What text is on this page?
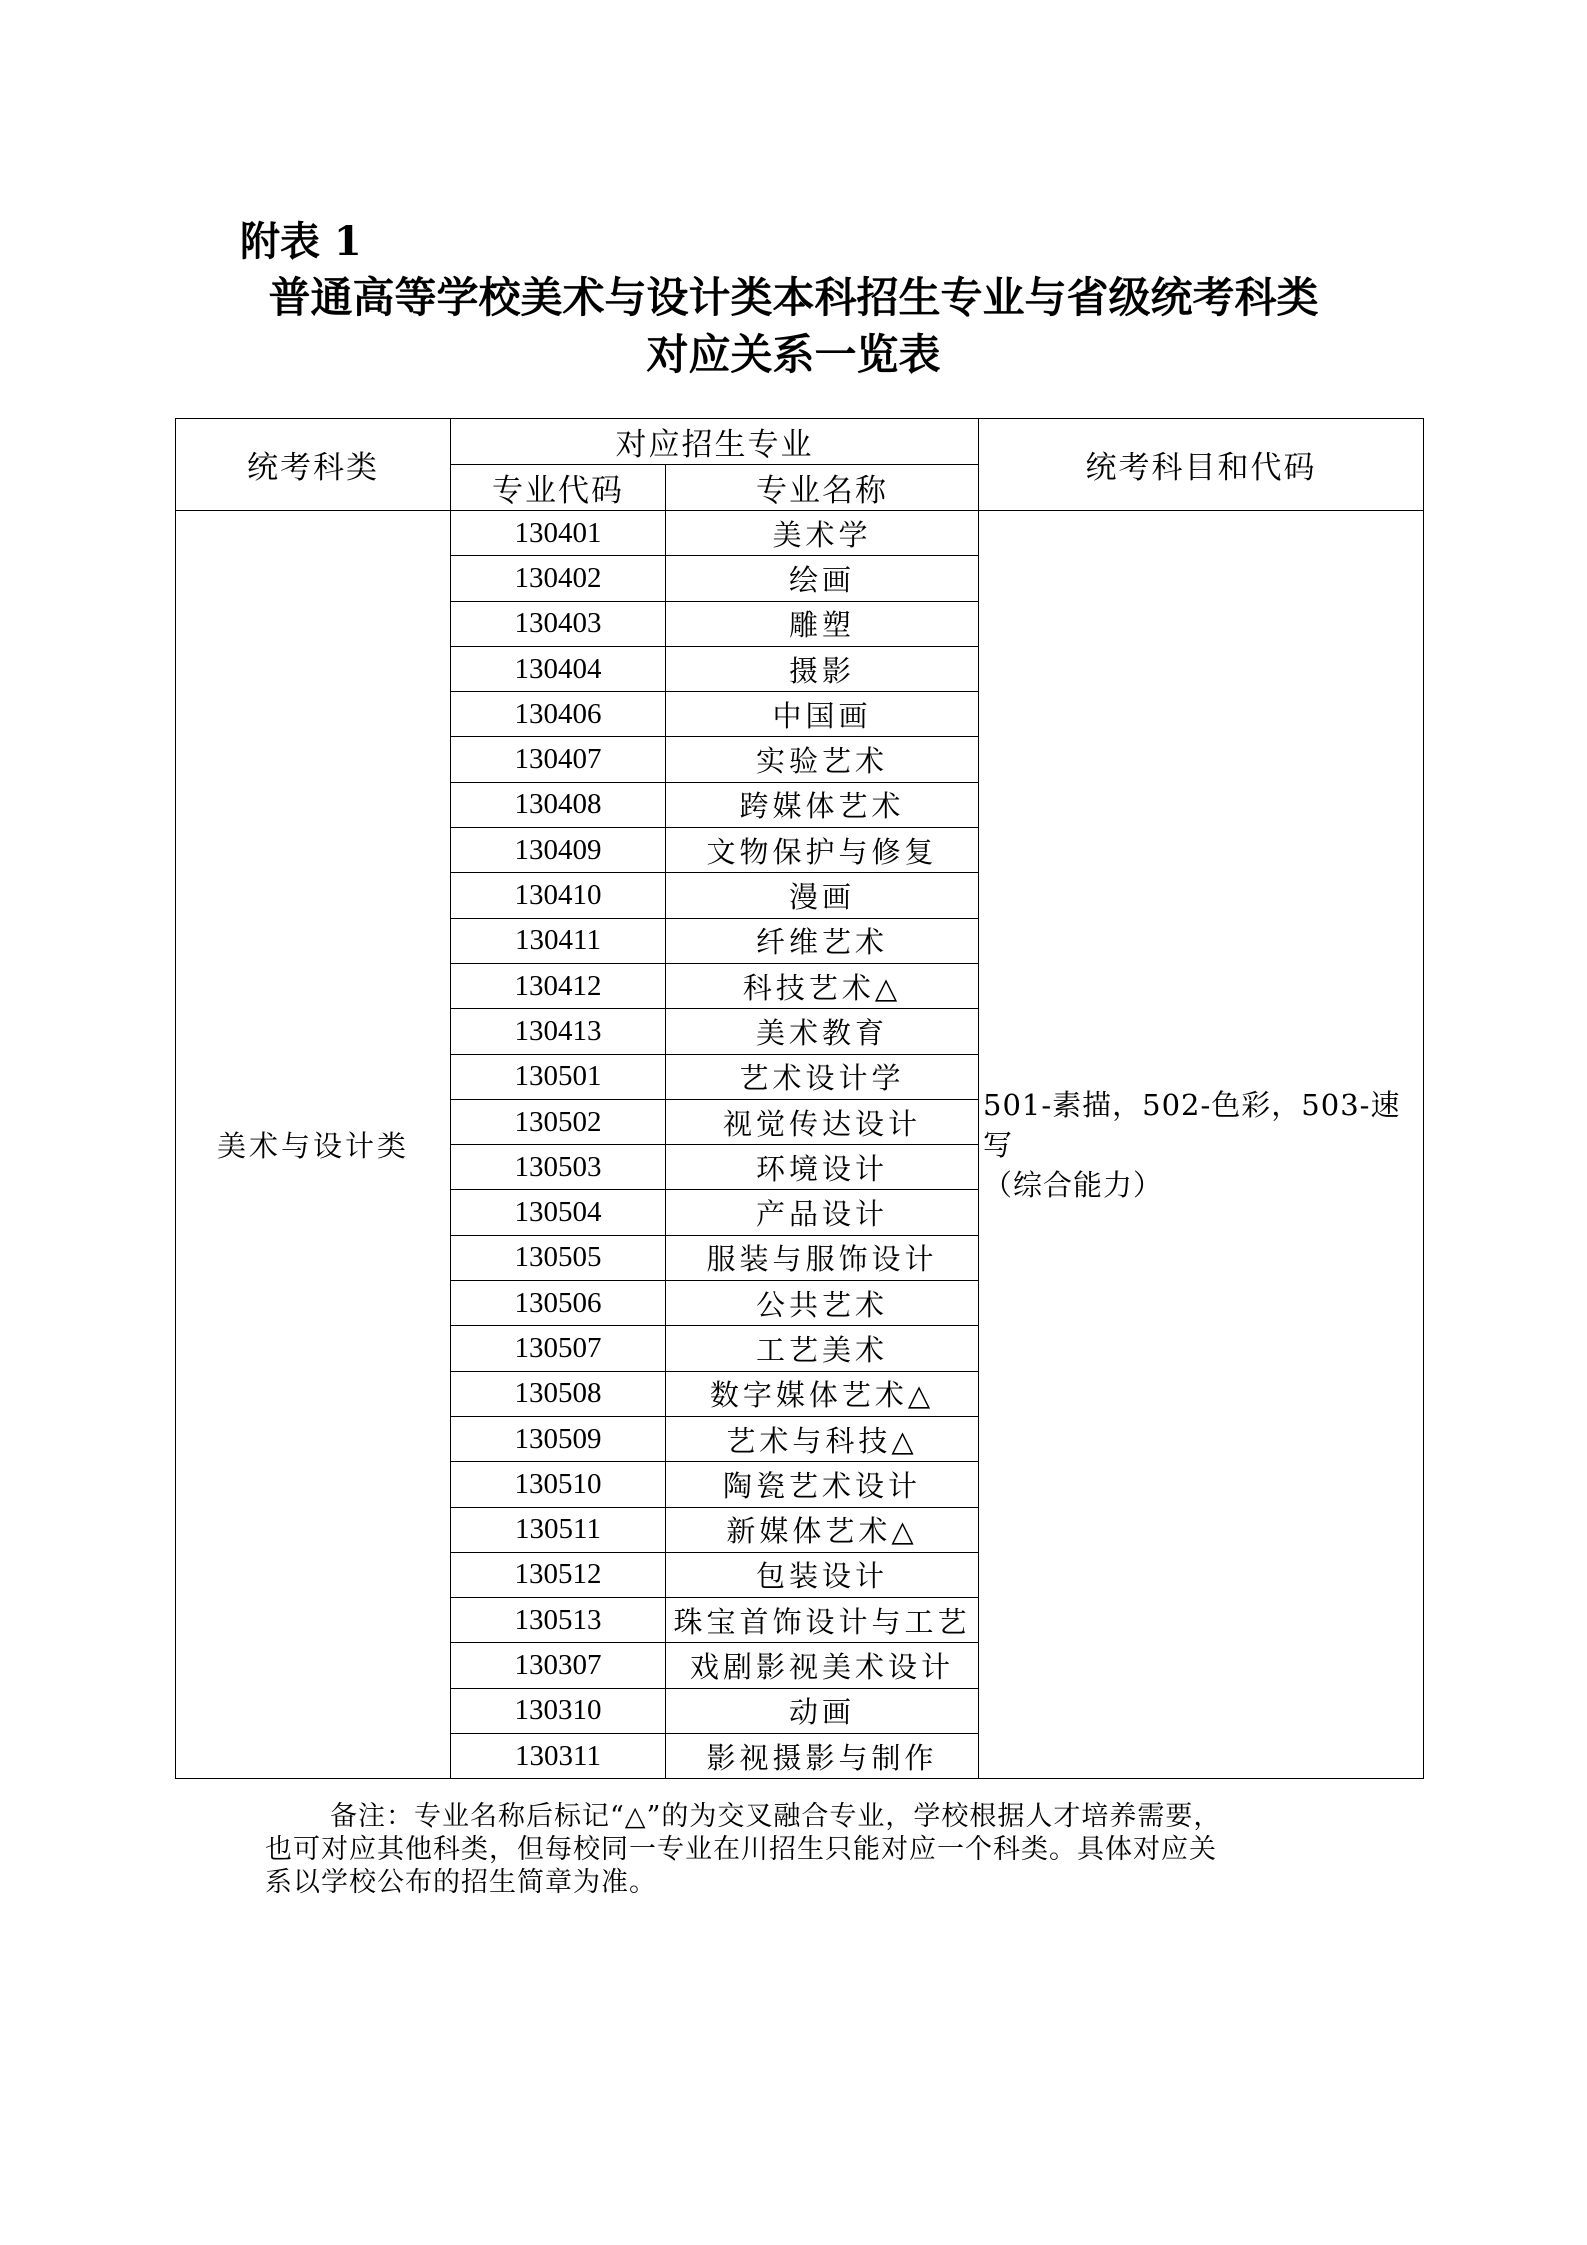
附表 1
普通高等学校美术与设计类本科招生专业与省级统考科类
对应关系一览表
统考科类	对应招生专业		统考科目和代码
	专业代码	专业名称	
美术与设计类	130401	美术学	501-素描，502-色彩，503-速写
（综合能力）

	130402	绘画	
	130403	雕塑	
	130404	摄影	
	130406	中国画	
	130407	实验艺术	
	130408	跨媒体艺术	
	130409	文物保护与修复	
	130410	漫画	
	130411	纤维艺术	
	130412	科技艺术△	
	130413	美术教育	
	130501	艺术设计学	
	130502	视觉传达设计	
	130503	环境设计	
	130504	产品设计	
	130505	服装与服饰设计	
	130506	公共艺术	
	130507	工艺美术	
	130508	数字媒体艺术△	
	130509	艺术与科技△	
	130510	陶瓷艺术设计	
	130511	新媒体艺术△	
	130512	包装设计	
	130513	珠宝首饰设计与工艺	
	130307	戏剧影视美术设计	
	130310	动画	
	130311	影视摄影与制作	
备注：专业名称后标记“△”的为交叉融合专业，学校根据人才培养需要，
也可对应其他科类，但每校同一专业在川招生只能对应一个科类。具体对应关
系以学校公布的招生简章为准。
